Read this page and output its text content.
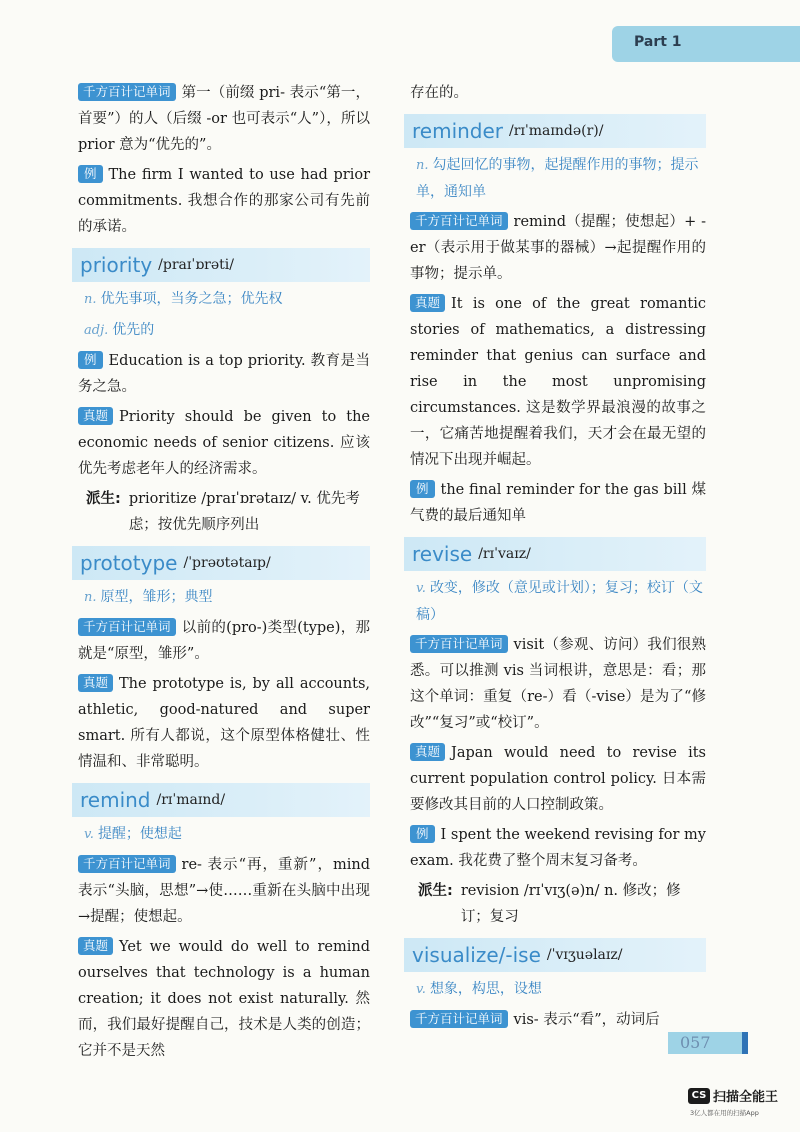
Part 1

千方百计记单词 第一（前缀 pri- 表示“第一，首要”）的人（后缀 -or 也可表示“人”），所以 prior 意为“优先的”。

例 The firm I wanted to use had prior commitments. 我想合作的那家公司有先前的承诺。

priority /praɪˈɒrəti/
n. 优先事项，当务之急；优先权
adj. 优先的

例 Education is a top priority. 教育是当务之急。

真题 Priority should be given to the economic needs of senior citizens. 应该优先考虑老年人的经济需求。

派生: prioritize /praɪˈɒrətaɪz/ v. 优先考虑；按优先顺序列出
prototype /ˈprəʊtətaɪp/
n. 原型，雏形；典型

千方百计记单词 以前的(pro-)类型(type)，那就是“原型，雏形”。

真题 The prototype is, by all accounts, athletic, good-natured and super smart. 所有人都说，这个原型体格健壮、性情温和、非常聪明。

remind /rɪˈmaɪnd/
v. 提醒；使想起

千方百计记单词 re- 表示“再，重新”，mind 表示“头脑，思想”→使……重新在头脑中出现→提醒；使想起。

真题 Yet we would do well to remind ourselves that technology is a human creation; it does not exist naturally. 然而，我们最好提醒自己，技术是人类的创造；它并不是天然

存在的。

reminder /rɪˈmaɪndə(r)/
n. 勾起回忆的事物，起提醒作用的事物；提示单，通知单

千方百计记单词 remind（提醒；使想起）+ -er（表示用于做某事的器械）→起提醒作用的事物；提示单。

真题 It is one of the great romantic stories of mathematics, a distressing reminder that genius can surface and rise in the most unpromising circumstances. 这是数学界最浪漫的故事之一，它痛苦地提醒着我们，天才会在最无望的情况下出现并崛起。

例 the final reminder for the gas bill 煤气费的最后通知单

revise /rɪˈvaɪz/
v. 改变，修改（意见或计划）；复习；校订（文稿）

千方百计记单词 visit（参观、访问）我们很熟悉。可以推测 vis 当词根讲，意思是：看；那这个单词：重复（re-）看（-vise）是为了“修改”“复习”或“校订”。

真题 Japan would need to revise its current population control policy. 日本需要修改其目前的人口控制政策。

例 I spent the weekend revising for my exam. 我花费了整个周末复习备考。

派生: revision /rɪˈvɪʒ(ə)n/ n. 修改；修订；复习
visualize/-ise /ˈvɪʒuəlaɪz/
v. 想象，构思，设想

千方百计记单词 vis- 表示“看”，动词后

057
CS 扫描全能王
3亿人都在用的扫描App
